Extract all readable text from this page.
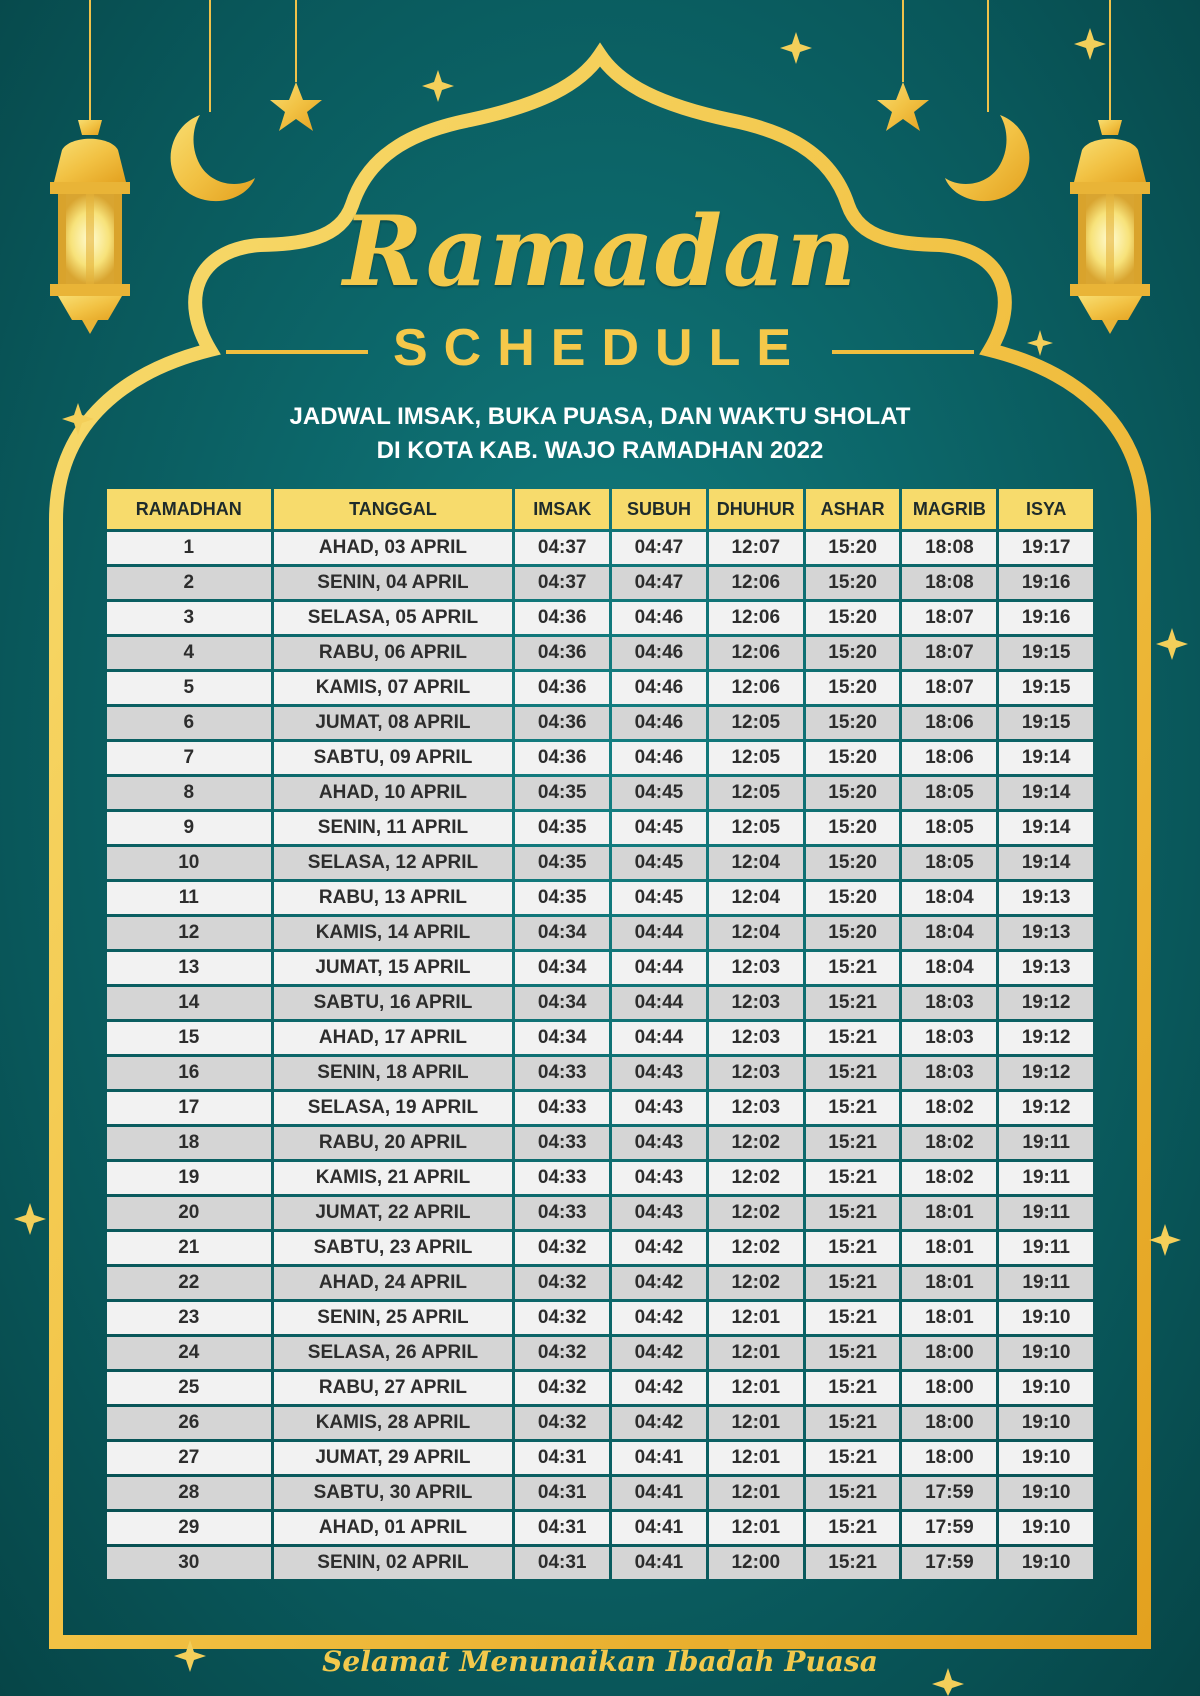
Ramadan
SCHEDULE
JADWAL IMSAK, BUKA PUASA, DAN WAKTU SHOLAT
DI KOTA KAB. WAJO RAMADHAN 2022
RAMADHAN	TANGGAL	IMSAK	SUBUH	DHUHUR	ASHAR	MAGRIB	ISYA
1	AHAD, 03 APRIL	04:37	04:47	12:07	15:20	18:08	19:17
2	SENIN, 04 APRIL	04:37	04:47	12:06	15:20	18:08	19:16
3	SELASA, 05 APRIL	04:36	04:46	12:06	15:20	18:07	19:16
4	RABU, 06 APRIL	04:36	04:46	12:06	15:20	18:07	19:15
5	KAMIS, 07 APRIL	04:36	04:46	12:06	15:20	18:07	19:15
6	JUMAT, 08 APRIL	04:36	04:46	12:05	15:20	18:06	19:15
7	SABTU, 09 APRIL	04:36	04:46	12:05	15:20	18:06	19:14
8	AHAD, 10 APRIL	04:35	04:45	12:05	15:20	18:05	19:14
9	SENIN, 11 APRIL	04:35	04:45	12:05	15:20	18:05	19:14
10	SELASA, 12 APRIL	04:35	04:45	12:04	15:20	18:05	19:14
11	RABU, 13 APRIL	04:35	04:45	12:04	15:20	18:04	19:13
12	KAMIS, 14 APRIL	04:34	04:44	12:04	15:20	18:04	19:13
13	JUMAT, 15 APRIL	04:34	04:44	12:03	15:21	18:04	19:13
14	SABTU, 16 APRIL	04:34	04:44	12:03	15:21	18:03	19:12
15	AHAD, 17 APRIL	04:34	04:44	12:03	15:21	18:03	19:12
16	SENIN, 18 APRIL	04:33	04:43	12:03	15:21	18:03	19:12
17	SELASA, 19 APRIL	04:33	04:43	12:03	15:21	18:02	19:12
18	RABU, 20 APRIL	04:33	04:43	12:02	15:21	18:02	19:11
19	KAMIS, 21 APRIL	04:33	04:43	12:02	15:21	18:02	19:11
20	JUMAT, 22 APRIL	04:33	04:43	12:02	15:21	18:01	19:11
21	SABTU, 23 APRIL	04:32	04:42	12:02	15:21	18:01	19:11
22	AHAD, 24 APRIL	04:32	04:42	12:02	15:21	18:01	19:11
23	SENIN, 25 APRIL	04:32	04:42	12:01	15:21	18:01	19:10
24	SELASA, 26 APRIL	04:32	04:42	12:01	15:21	18:00	19:10
25	RABU, 27 APRIL	04:32	04:42	12:01	15:21	18:00	19:10
26	KAMIS, 28 APRIL	04:32	04:42	12:01	15:21	18:00	19:10
27	JUMAT, 29 APRIL	04:31	04:41	12:01	15:21	18:00	19:10
28	SABTU, 30 APRIL	04:31	04:41	12:01	15:21	17:59	19:10
29	AHAD, 01 APRIL	04:31	04:41	12:01	15:21	17:59	19:10
30	SENIN, 02 APRIL	04:31	04:41	12:00	15:21	17:59	19:10
Selamat Menunaikan Ibadah Puasa
